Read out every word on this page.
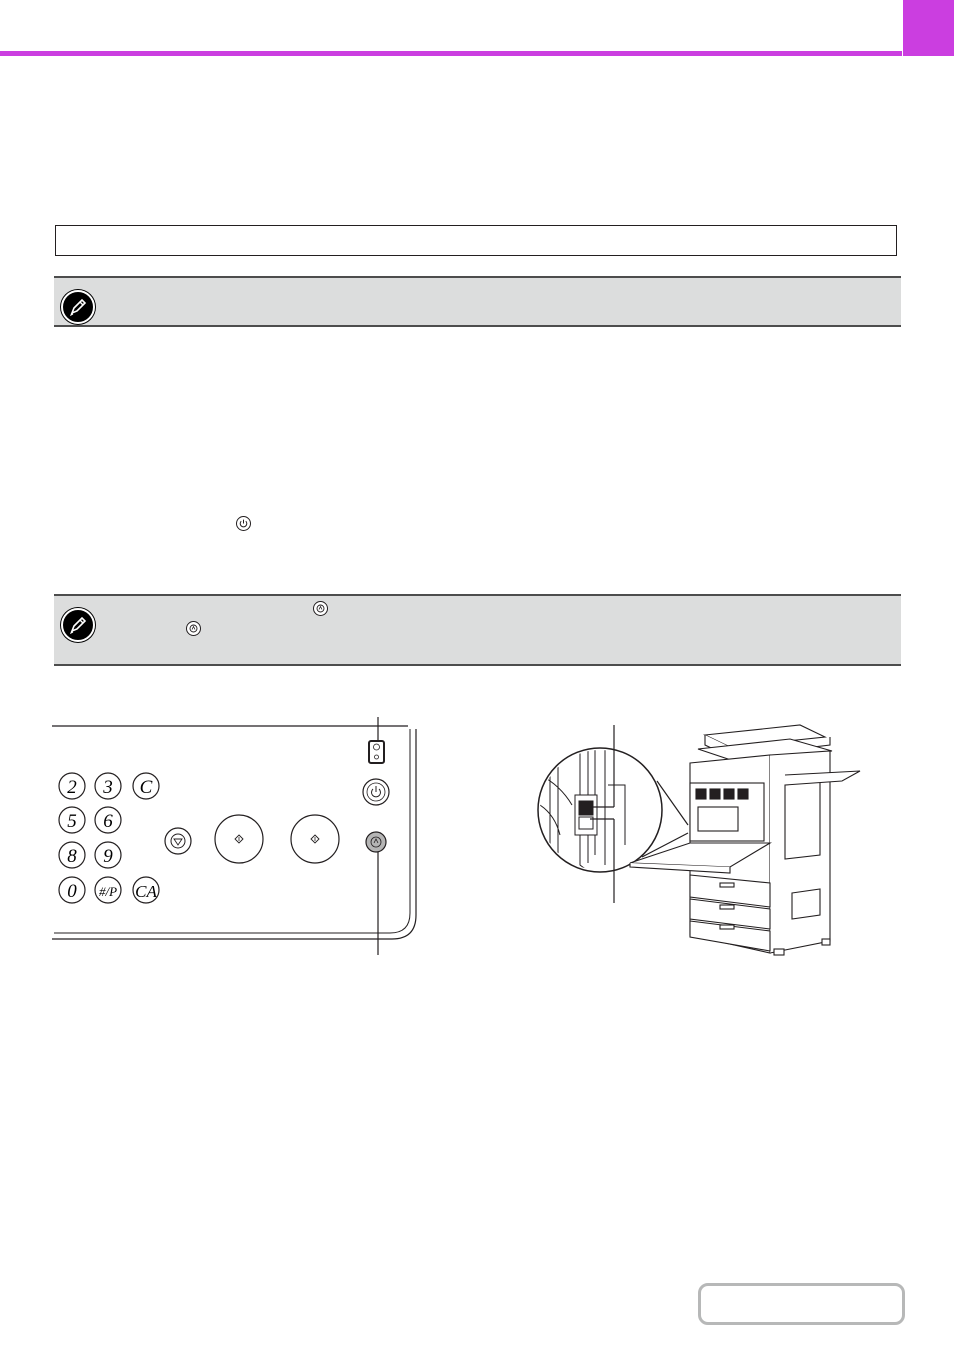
2 3 C
5 6
8 9
0 #/P CA
